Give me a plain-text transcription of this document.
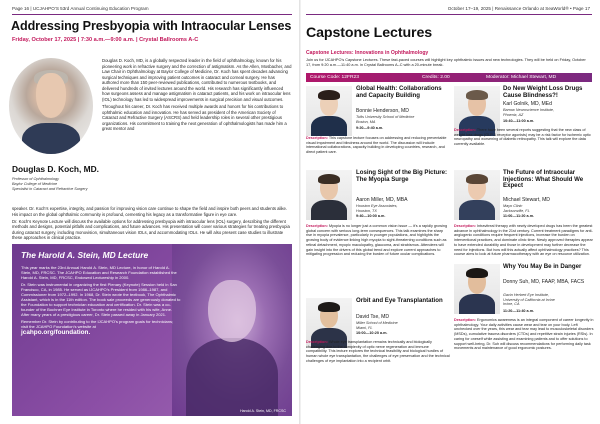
Page 16 | UCJAHPO’S 53rd Annual Continuing Education Program
Addressing Presbyopia with Intraocular Lenses
Friday, October 17, 2025 | 7:30 a.m.—9:00 a.m. | Crystal Ballrooms A-C
Douglas D. Koch, MD.
Professor of Ophthalmology
Baylor College of Medicine
Specialist in Cataract and Refractive Surgery

Douglas D. Koch, MD, is a globally respected leader in the field of ophthalmology, known for his pioneering work in refractive surgery and the correction of astigmatism. As the Allen, Mosbacher, and Law Chair in Ophthalmology at Baylor College of Medicine, Dr. Koch has spent decades advancing surgical techniques and improving patient outcomes in cataract and corneal surgery. He has authored more than 150 peer-reviewed publications, contributed to numerous textbooks, and delivered hundreds of invited lectures around the world. His research has significantly influenced how surgeons assess and manage astigmatism in cataract patients, and his work on intraocular lens (IOL) technology has led to widespread improvements in surgical precision and visual outcomes.

Throughout his career, Dr. Koch has received multiple awards and honors for his contributions to ophthalmic education and innovation. He has served as president of the American Society of Cataract and Refractive Surgery (ASCRS) and held leadership roles in several other prestigious organizations. His commitment to training the next generation of ophthalmologists has made him a great mentor and

speaker. Dr. Koch’s expertise, integrity, and passion for improving vision care continue to shape the field and inspire both peers and students alike. His impact on the global ophthalmic community is profound, cementing his legacy as a transformative figure in eye care.

Dr. Koch’s Keynote Lecture will discuss the available options for addressing presbyopia with intraocular lens (IOL) surgery, describing the different methods and designs, potential pitfalls and complications, and future advances. His presentation will cover various strategies for treating presbyopia during cataract surgery, including monovision, simultaneous vision IOLs, and accommodating IOLs. He will also present case studies to illustrate these approaches in clinical practice.

The Harold A. Stein, MD Lecture

This year marks the 23rd Annual Harold A. Stein, MD Lecture, in honor of Harold A. Stein, MD, FRCSC. The JCAHPO Education and Research Foundation established the Harold A. Stein, MD, FRCSC, Endowed Lectureship in 2000.

Dr. Stein was instrumental in organizing the first Plenary (Keynote) Session held in San Francisco, CA, in 1985. He served as IJCAHPO’s President from 1986–1987, and Commissioner from 1972–1992. In 1968, Dr. Stein wrote the textbook, The Ophthalmic Assistant, which is in the 11th edition. The book sale proceeds are generously donated to the Foundation to support technician education and certification. Dr. Stein was a co-founder of the Bochner Eye Institute in Toronto where he resided with his wife, Anne. After many years of a prestigious career, Dr. Stein passed away in January 2021.

Remember Dr. Stein by contributing to the IJCAHPO’s program goals for technicians; visit the JCAHPO Foundation’s website at

jcahpo.org/foundation.
Harold A. Stein, MD, FRCSC
October 17–19, 2025 | Renaissance Orlando at SeaWorld® • Page 17
Capstone Lectures
Capstone Lectures: Innovations in Ophthalmology
Join us for IJCAHPO’s Capstone Lectures. These fast-paced courses will highlight key ophthalmic issues and new technologies. They will be held on Friday, October 17, from 9:20 a.m.—11:40 a.m. in Crystal Ballrooms A–C with a 20-minute break.
Course Code: 12FR23	Credits: 2.00	Moderator: Michael Stewart, MD
Global Health: Collaborations and Capacity Building
Bonnie Henderson, MD
Tufts University School of Medicine
Boston, MA
9:20—9:40 a.m.
Description: This capstone lecture focuses on addressing and reducing preventable visual impairment and blindness around the world. The discussion will include international collaborations, capacity building in developing countries, research, and direct patient care.
Do New Weight Loss Drugs Cause Blindness?!
Karl Golnik, MD, MEd
Barrow Neuroscience Institute,
Phoenix, AZ
10:40—11:00 a.m.
Description: There have been several reports suggesting that the new class of weight loss drugs (GLP-1 receptor agonists) may be a risk factor for ischemic optic neuropathy and worsening of diabetic retinopathy. This talk will explore the data currently available.
Losing Sight of the Big Picture: The Myopia Surge
Aaron Miller, MD, MBA
Houston Eye Associates,
Houston, TX
9:40—10:00 a.m.
Description: Myopia is no longer just a common vision issue — it’s a rapidly growing global concern with serious long-term consequences. This talk examines the sharp rise in myopia prevalence, particularly in younger populations, and highlights the growing body of evidence linking high myopia to sight-threatening conditions such as retinal detachment, myopic maculopathy, glaucoma, and strabismus. Attendees will gain insight into the drivers of this global trend and explore current approaches to mitigating progression and reducing the burden of future ocular complications.
The Future of Intraocular Injections: What Should We Expect
Michael Stewart, MD
Mayo Clinic
Jacksonville, FL
11:00—11:20 a.m.
Description: Intravitreal therapy with newly developed drugs has been the greatest advance in ophthalmology in the 21st century. Current treatment paradigms for anti-angiogenic conditions require frequent injections, increase the burden on interventional practices, and dominate clinic time. Newly approved therapies appear to have extended durability and those in development may further decrease the need for injections. But how will this actually affect ophthalmology practices? This course aims to look at future pharmacotherapy with an eye on resource utilization.
Orbit and Eye Transplantation
David Tse, MD
Miller School of Medicine
Miami, FL
10:00—10:20 a.m.
Description: Whole eye transplantation remains technically and biologically challenging due to the complexity of optic nerve regeneration and immune compatibility. This lecture explores the technical feasibility and biological hurdles of human whole eye transplantation, the challenges of eye preservation and the technical challenges of eye implantation into a recipient orbit.
Why You May Be in Danger
Donny Suh, MD, FAAP, MBA, FACS
Gavin Herbert Eye Institute,
University of California at Irvine
Irvine, CA
11:20—11:40 a.m.
Description: Ergonomics awareness is an integral component of career longevity in ophthalmology. Your daily activities cause wear and tear on your body. Left unchecked over the years, this wear and tear may lead to musculoskeletal disorders (MSDs), cumulative trauma disorders (CTDs) and repetitive strain injuries (RSIs). In caring for oneself while assisting and examining patients and to offer solutions to support well-being, Dr. Suh will discuss recommendations for performing daily task movements and maintenance of good ergonomic postures.
